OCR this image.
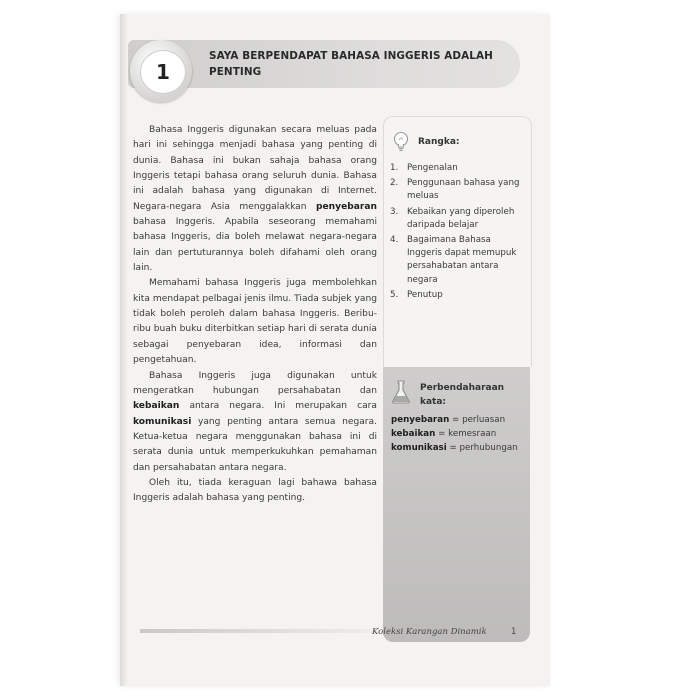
1
SAYA BERPENDAPAT BAHASA INGGERIS ADALAH PENTING

Bahasa Inggeris digunakan secara meluas pada hari ini sehingga menjadi bahasa yang penting di dunia. Bahasa ini bukan sahaja bahasa orang Inggeris tetapi bahasa orang seluruh dunia. Bahasa ini adalah bahasa yang digunakan di Internet. Negara-negara Asia menggalakkan penyebaran bahasa Inggeris. Apabila seseorang memahami bahasa Inggeris, dia boleh melawat negara-negara lain dan pertuturannya boleh difahami oleh orang lain.

Memahami bahasa Inggeris juga membolehkan kita mendapat pelbagai jenis ilmu. Tiada subjek yang tidak boleh peroleh dalam bahasa Inggeris. Beribu-ribu buah buku diterbitkan setiap hari di serata dunia sebagai penyebaran idea, informasi dan pengetahuan.

Bahasa Inggeris juga digunakan untuk mengeratkan hubungan persahabatan dan kebaikan antara negara. Ini merupakan cara komunikasi yang penting antara semua negara. Ketua-ketua negara menggunakan bahasa ini di serata dunia untuk memperkukuhkan pemahaman dan persahabatan antara negara.

Oleh itu, tiada keraguan lagi bahawa bahasa Inggeris adalah bahasa yang penting.

Rangka:
1. Pengenalan
2. Penggunaan bahasa yang meluas
3. Kebaikan yang diperoleh daripada belajar
4. Bagaimana Bahasa Inggeris dapat memupuk persahabatan antara negara
5. Penutup
Perbendaharaan kata:
penyebaran = perluasan
kebaikan = kemesraan
komunikasi = perhubungan
Koleksi Karangan Dinamik	1
